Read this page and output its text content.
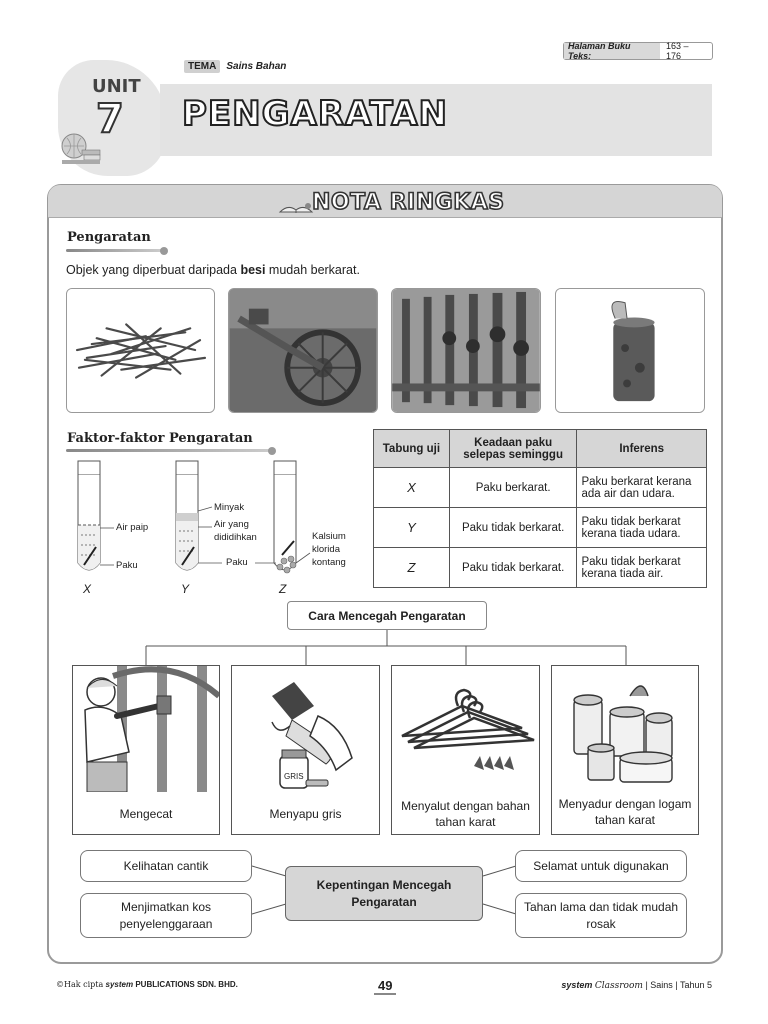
Halaman Buku Teks:
163 – 176
UNIT
7
TEMA	Sains Bahan
PENGARATAN
NOTA RINGKAS
Pengaratan
Objek yang diperbuat daripada besi mudah berkarat.
Faktor-faktor Pengaratan
Air paip
Paku
Minyak
Air yang
dididihkan
Paku
Kalsium
klorida
kontang
X	Y	Z
Tabung uji	Keadaan paku selepas seminggu	Inferens
X	Paku berkarat.	Paku berkarat kerana ada air dan udara.
Y	Paku tidak berkarat.	Paku tidak berkarat kerana tiada udara.
Z	Paku tidak berkarat.	Paku tidak berkarat kerana tiada air.
Cara Mencegah Pengaratan
Mengecat
GRIS
Menyapu gris
Menyalut dengan bahan tahan karat
Menyadur dengan logam tahan karat
Kepentingan Mencegah Pengaratan
Kelihatan cantik
Menjimatkan kos penyelenggaraan
Selamat untuk digunakan
Tahan lama dan tidak mudah rosak
©Hak cipta system PUBLICATIONS SDN. BHD.	49	system Classroom | Sains | Tahun 5
